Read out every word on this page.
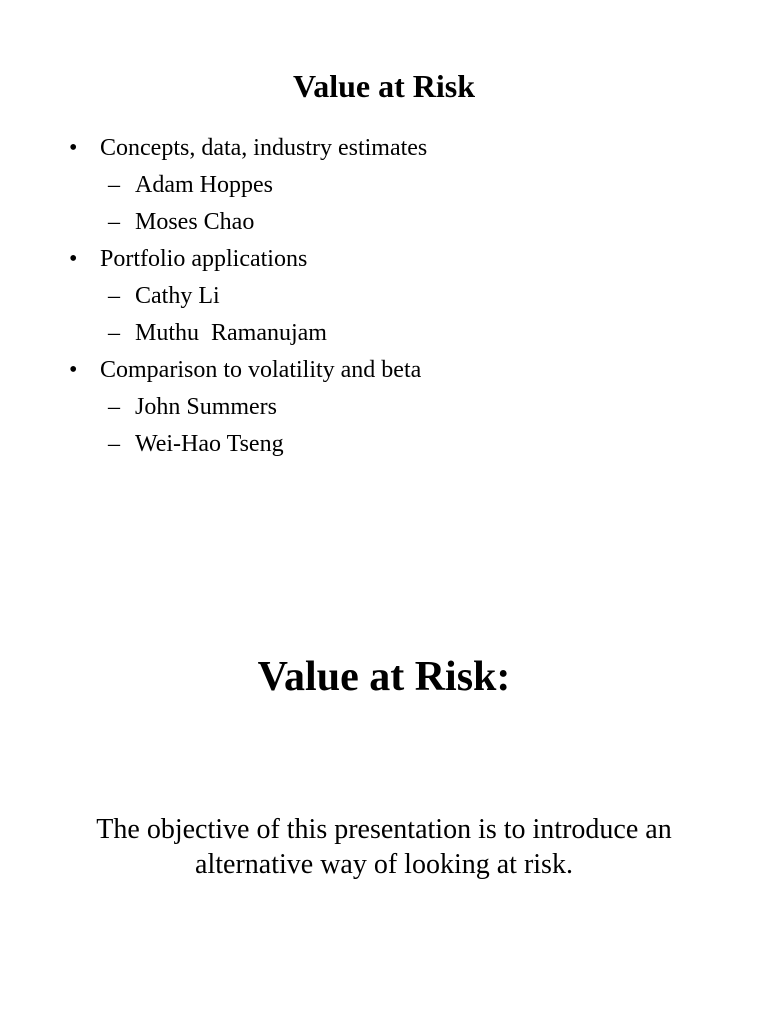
Value at Risk
• Concepts, data, industry estimates
– Adam Hoppes
– Moses Chao
• Portfolio applications
– Cathy Li
– Muthu  Ramanujam
• Comparison to volatility and beta
– John Summers
– Wei-Hao Tseng
Value at Risk:

The objective of this presentation is to introduce an alternative way of looking at risk.
